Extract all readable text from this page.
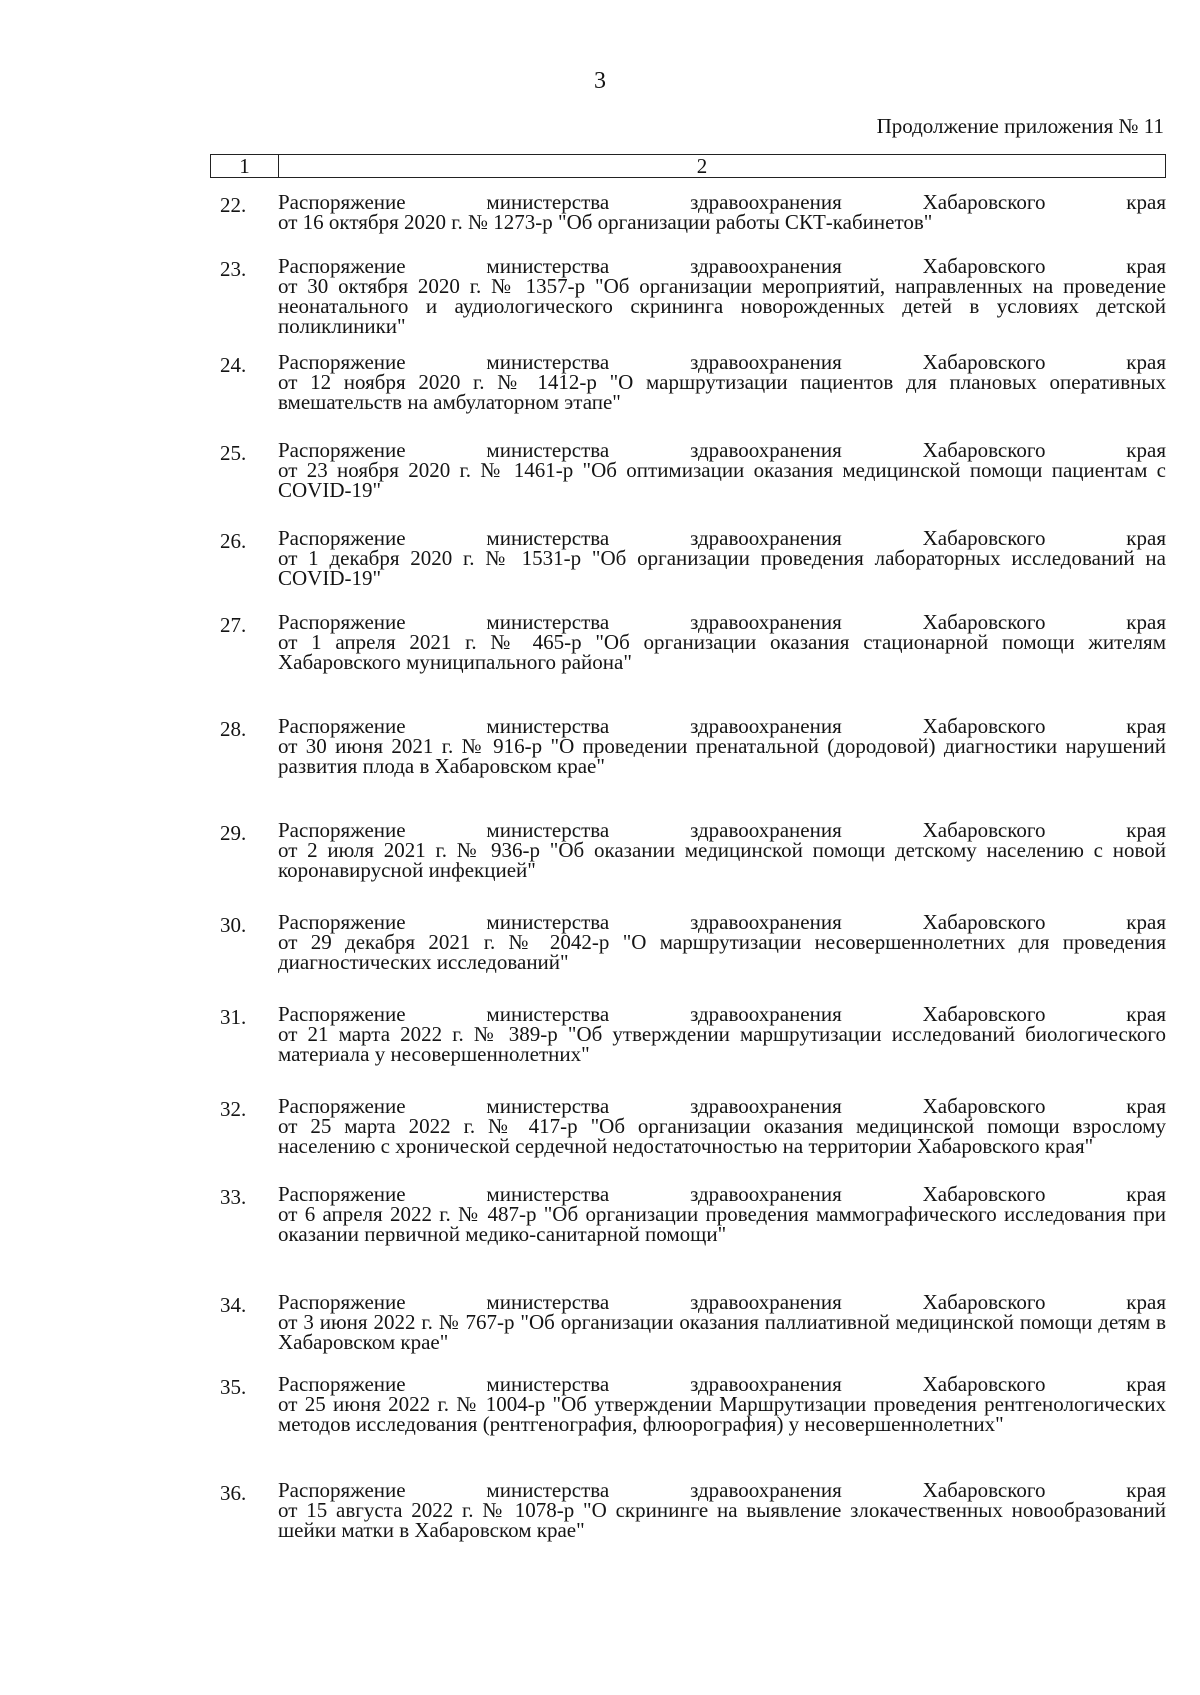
3
Продолжение приложения № 11
1	2
22.	Распоряжение министерства здравоохранения Хабаровского края
от 16 октября 2020 г. № 1273-р "Об организации работы СКТ-кабинетов"
23.	Распоряжение министерства здравоохранения Хабаровского края
от 30 октября 2020 г. № 1357-р "Об организации мероприятий, направленных на проведение неонатального и аудиологического скрининга новорожденных детей в условиях детской поликлиники"
24.	Распоряжение министерства здравоохранения Хабаровского края
от 12 ноября 2020 г. № 1412-р "О маршрутизации пациентов для плановых оперативных вмешательств на амбулаторном этапе"
25.	Распоряжение министерства здравоохранения Хабаровского края
от 23 ноября 2020 г. № 1461-р "Об оптимизации оказания медицинской помощи пациентам с COVID-19"
26.	Распоряжение министерства здравоохранения Хабаровского края
от 1 декабря 2020 г. № 1531-р "Об организации проведения лабораторных исследований на COVID-19"
27.	Распоряжение министерства здравоохранения Хабаровского края
от 1 апреля 2021 г. № 465-р "Об организации оказания стационарной помощи жителям Хабаровского муниципального района"
28.	Распоряжение министерства здравоохранения Хабаровского края
от 30 июня 2021 г. № 916-р "О проведении пренатальной (дородовой) диагностики нарушений развития плода в Хабаровском крае"
29.	Распоряжение министерства здравоохранения Хабаровского края
от 2 июля 2021 г. № 936-р "Об оказании медицинской помощи детскому населению с новой коронавирусной инфекцией"
30.	Распоряжение министерства здравоохранения Хабаровского края
от 29 декабря 2021 г. № 2042-р "О маршрутизации несовершеннолетних для проведения диагностических исследований"
31.	Распоряжение министерства здравоохранения Хабаровского края
от 21 марта 2022 г. № 389-р "Об утверждении маршрутизации исследований биологического материала у несовершеннолетних"
32.	Распоряжение министерства здравоохранения Хабаровского края
от 25 марта 2022 г. № 417-р "Об организации оказания медицинской помощи взрослому населению с хронической сердечной недостаточностью на территории Хабаровского края"
33.	Распоряжение министерства здравоохранения Хабаровского края
от 6 апреля 2022 г. № 487-р "Об организации проведения маммографического исследования при оказании первичной медико-санитарной помощи"
34.	Распоряжение министерства здравоохранения Хабаровского края
от 3 июня 2022 г. № 767-р "Об организации оказания паллиативной медицинской помощи детям в Хабаровском крае"
35.	Распоряжение министерства здравоохранения Хабаровского края
от 25 июня 2022 г. № 1004-р "Об утверждении Маршрутизации проведения рентгенологических методов исследования (рентгенография, флюорография) у несовершеннолетних"
36.	Распоряжение министерства здравоохранения Хабаровского края
от 15 августа 2022 г. № 1078-р "О скрининге на выявление злокачественных новообразований шейки матки в Хабаровском крае"
